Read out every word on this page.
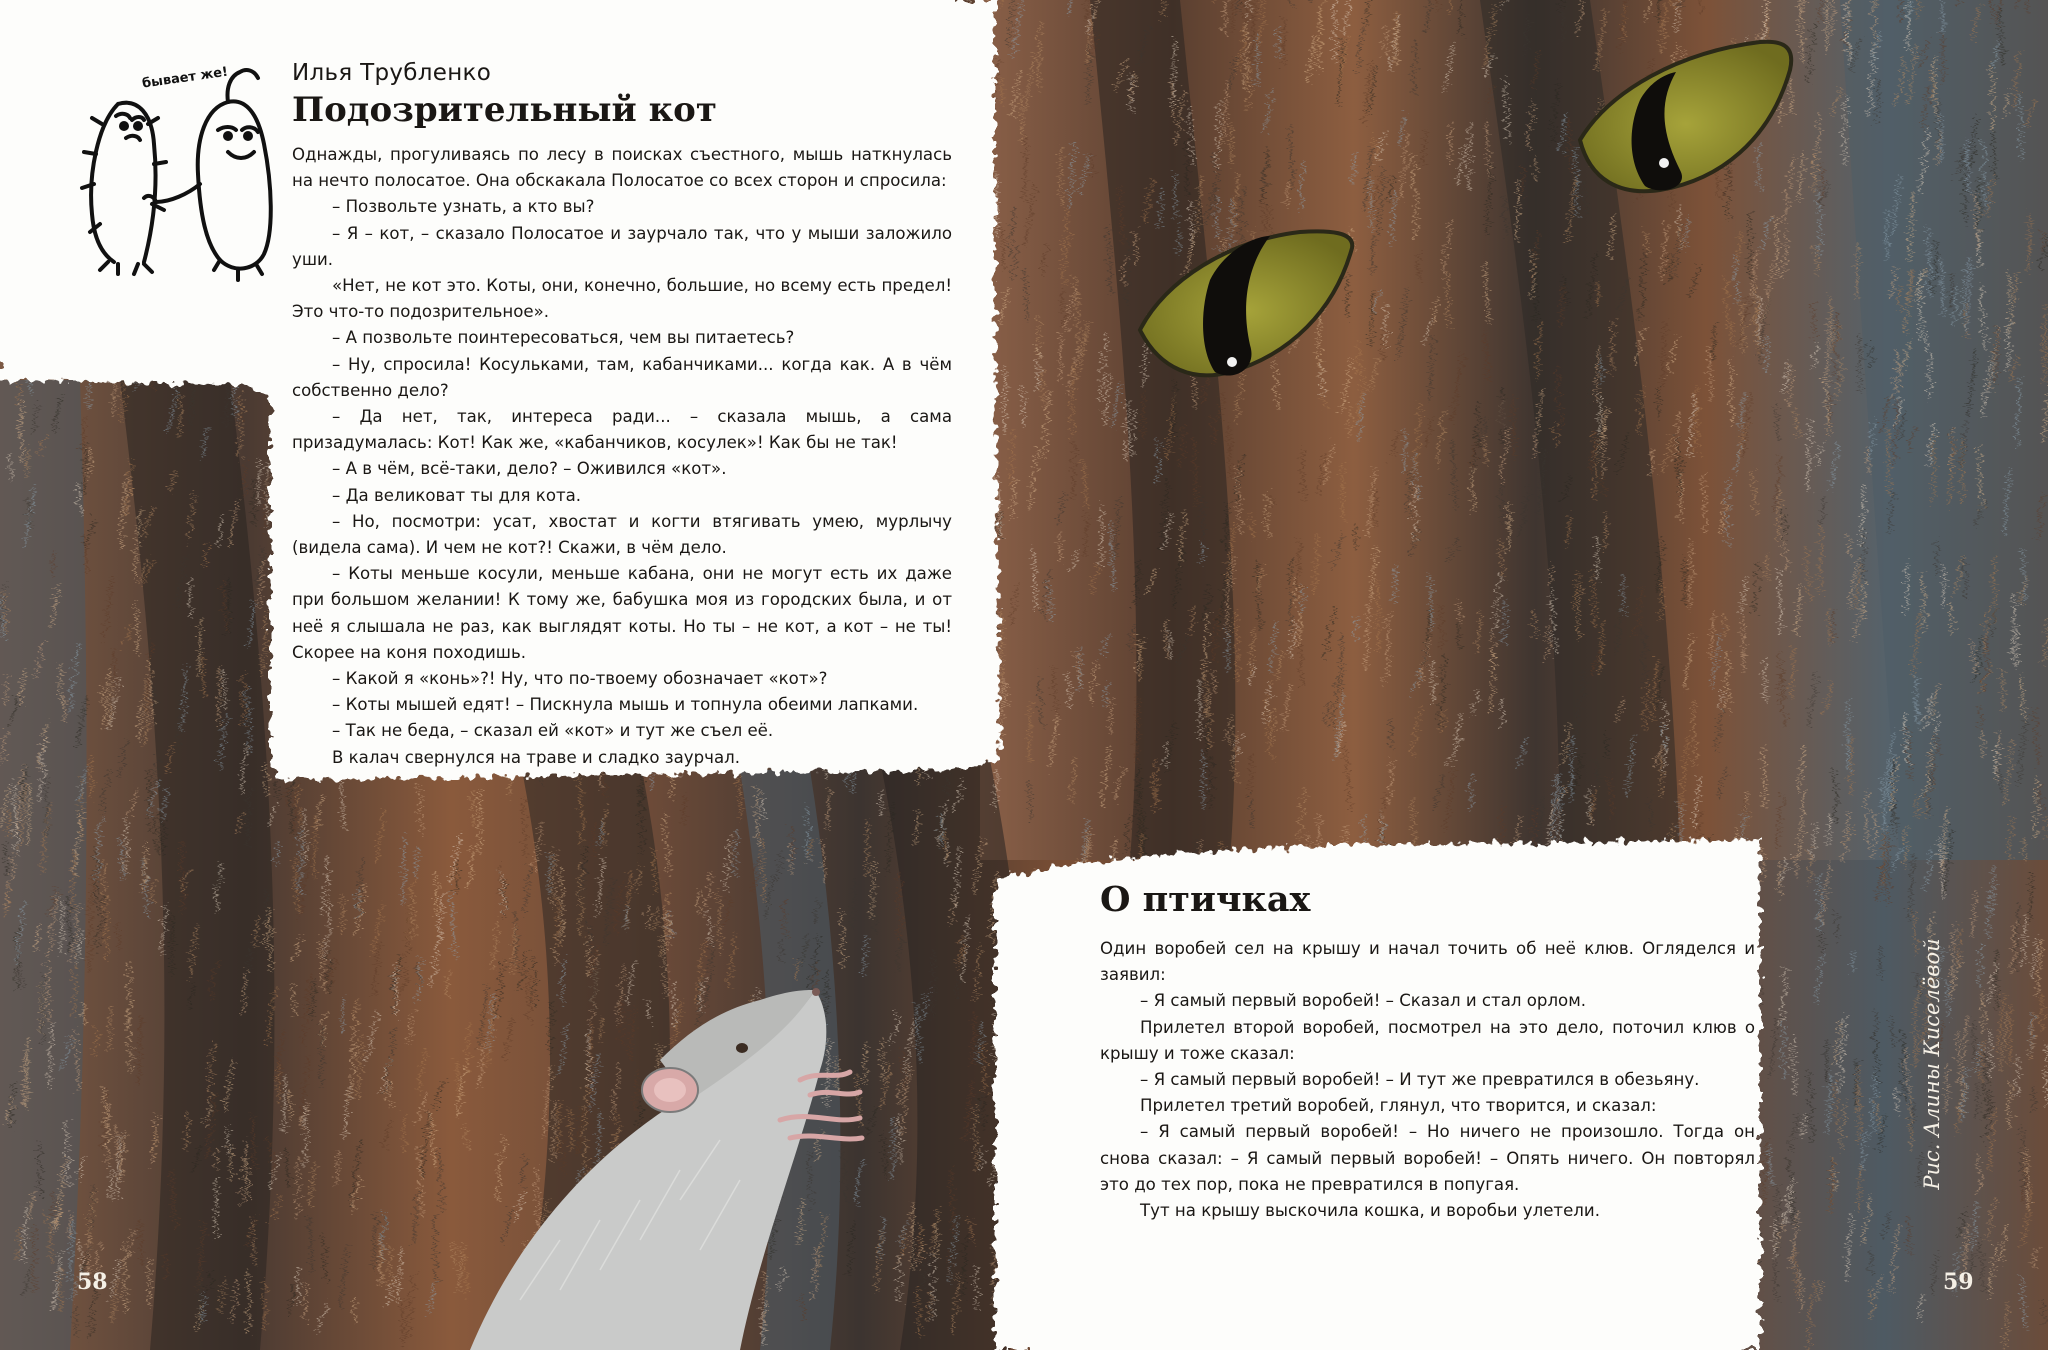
бывает же!	Илья Трубленко

Подозрительный кот

Однажды, прогуливаясь по лесу в поисках съестного, мышь наткнулась на нечто полосатое. Она обскакала Полосатое со всех сторон и спросила:

– Позвольте узнать, а кто вы?

– Я – кот, – сказало Полосатое и заурчало так, что у мыши заложило уши.

«Нет, не кот это. Коты, они, конечно, большие, но всему есть предел! Это что-то подозрительное».

– А позвольте поинтересоваться, чем вы питаетесь?

– Ну, спросила! Косульками, там, кабанчиками... когда как. А в чём собственно дело?

– Да нет, так, интереса ради... – сказала мышь, а сама призадумалась: Кот! Как же, «кабанчиков, косулек»! Как бы не так!

– А в чём, всё-таки, дело? – Оживился «кот».

– Да великоват ты для кота.

– Но, посмотри: усат, хвостат и когти втягивать умею, мурлычу (видела сама). И чем не кот?! Скажи, в чём дело.

– Коты меньше косули, меньше кабана, они не могут есть их даже при большом желании! К тому же, бабушка моя из городских была, и от неё я слышала не раз, как выглядят коты. Но ты – не кот, а кот – не ты! Скорее на коня походишь.

– Какой я «конь»?! Ну, что по-твоему обозначает «кот»?

– Коты мышей едят! – Пискнула мышь и топнула обеими лапками.

– Так не беда, – сказал ей «кот» и тут же съел её.

В калач свернулся на траве и сладко заурчал.

О птичках

Один воробей сел на крышу и начал точить об неё клюв. Огляделся и заявил:

– Я самый первый воробей! – Сказал и стал орлом.

Прилетел второй воробей, посмотрел на это дело, поточил клюв о крышу и тоже сказал:

– Я самый первый воробей! – И тут же превратился в обезьяну.

Прилетел третий воробей, глянул, что творится, и сказал:

– Я самый первый воробей! – Но ничего не произошло. Тогда он снова сказал: – Я самый первый воробей! – Опять ничего. Он повторял это до тех пор, пока не превратился в попугая.

Тут на крышу выскочила кошка, и воробьи улетели.

58	59
Рис. Алины Киселёвой
